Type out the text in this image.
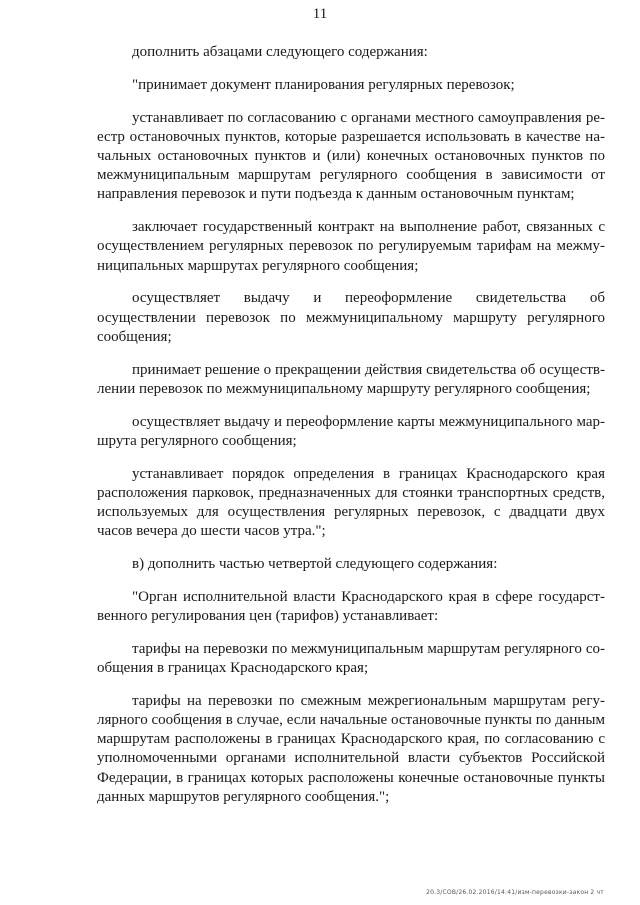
11

дополнить абзацами следующего содержания:

"принимает документ планирования регулярных перевозок;

устанавливает по согласованию с органами местного самоуправления реестр остановочных пунктов, которые разрешается использовать в качестве начальных остановочных пунктов и (или) конечных остановочных пунктов по межмуниципальным маршрутам регулярного сообщения в зависимости от направления перевозок и пути подъезда к данным остановочным пунктам;

заключает государственный контракт на выполнение работ, связанных с осуществлением регулярных перевозок по регулируемым тарифам на межмуниципальных маршрутах регулярного сообщения;

осуществляет выдачу и переоформление свидетельства об осуществлении перевозок по межмуниципальному маршруту регулярного сообщения;

принимает решение о прекращении действия свидетельства об осуществлении перевозок по межмуниципальному маршруту регулярного сообщения;

осуществляет выдачу и переоформление карты межмуниципального маршрута регулярного сообщения;

устанавливает порядок определения в границах Краснодарского края расположения парковок, предназначенных для стоянки транспортных средств, используемых для осуществления регулярных перевозок, с двадцати двух часов вечера до шести часов утра.";

в) дополнить частью четвертой следующего содержания:

"Орган исполнительной власти Краснодарского края в сфере государственного регулирования цен (тарифов) устанавливает:

тарифы на перевозки по межмуниципальным маршрутам регулярного сообщения в границах Краснодарского края;

тарифы на перевозки по смежным межрегиональным маршрутам регулярного сообщения в случае, если начальные остановочные пункты по данным маршрутам расположены в границах Краснодарского края, по согласованию с уполномоченными органами исполнительной власти субъектов Российской Федерации, в границах которых расположены конечные остановочные пункты данных маршрутов регулярного сообщения.";

20.3/СОВ/26.02.2016/14:41/изм-перевозки-закон 2 чт
